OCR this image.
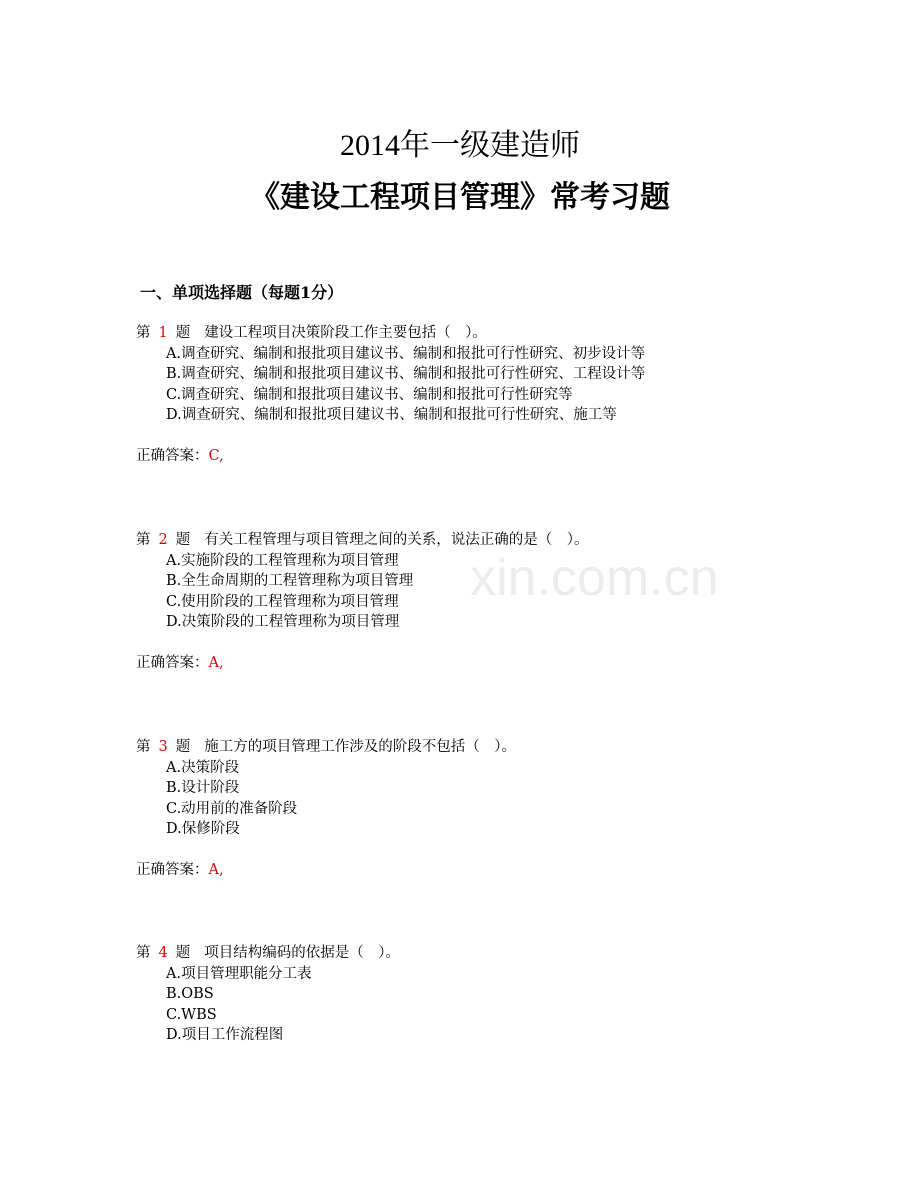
2014年一级建造师
《建设工程项目管理》常考习题
一、单项选择题（每题1分）
第 1 题 建设工程项目决策阶段工作主要包括（　）。
A.调查研究、编制和报批项目建议书、编制和报批可行性研究、初步设计等
B.调查研究、编制和报批项目建议书、编制和报批可行性研究、工程设计等
C.调查研究、编制和报批项目建议书、编制和报批可行性研究等
D.调查研究、编制和报批项目建议书、编制和报批可行性研究、施工等
正确答案：C,
第 2 题 有关工程管理与项目管理之间的关系，说法正确的是（　）。
A.实施阶段的工程管理称为项目管理
B.全生命周期的工程管理称为项目管理
C.使用阶段的工程管理称为项目管理
D.决策阶段的工程管理称为项目管理
正确答案：A,
第 3 题 施工方的项目管理工作涉及的阶段不包括（　）。
A.决策阶段
B.设计阶段
C.动用前的准备阶段
D.保修阶段
正确答案：A,
第 4 题 项目结构编码的依据是（　）。
A.项目管理职能分工表
B.OBS
C.WBS
D.项目工作流程图
xin.com.cn
